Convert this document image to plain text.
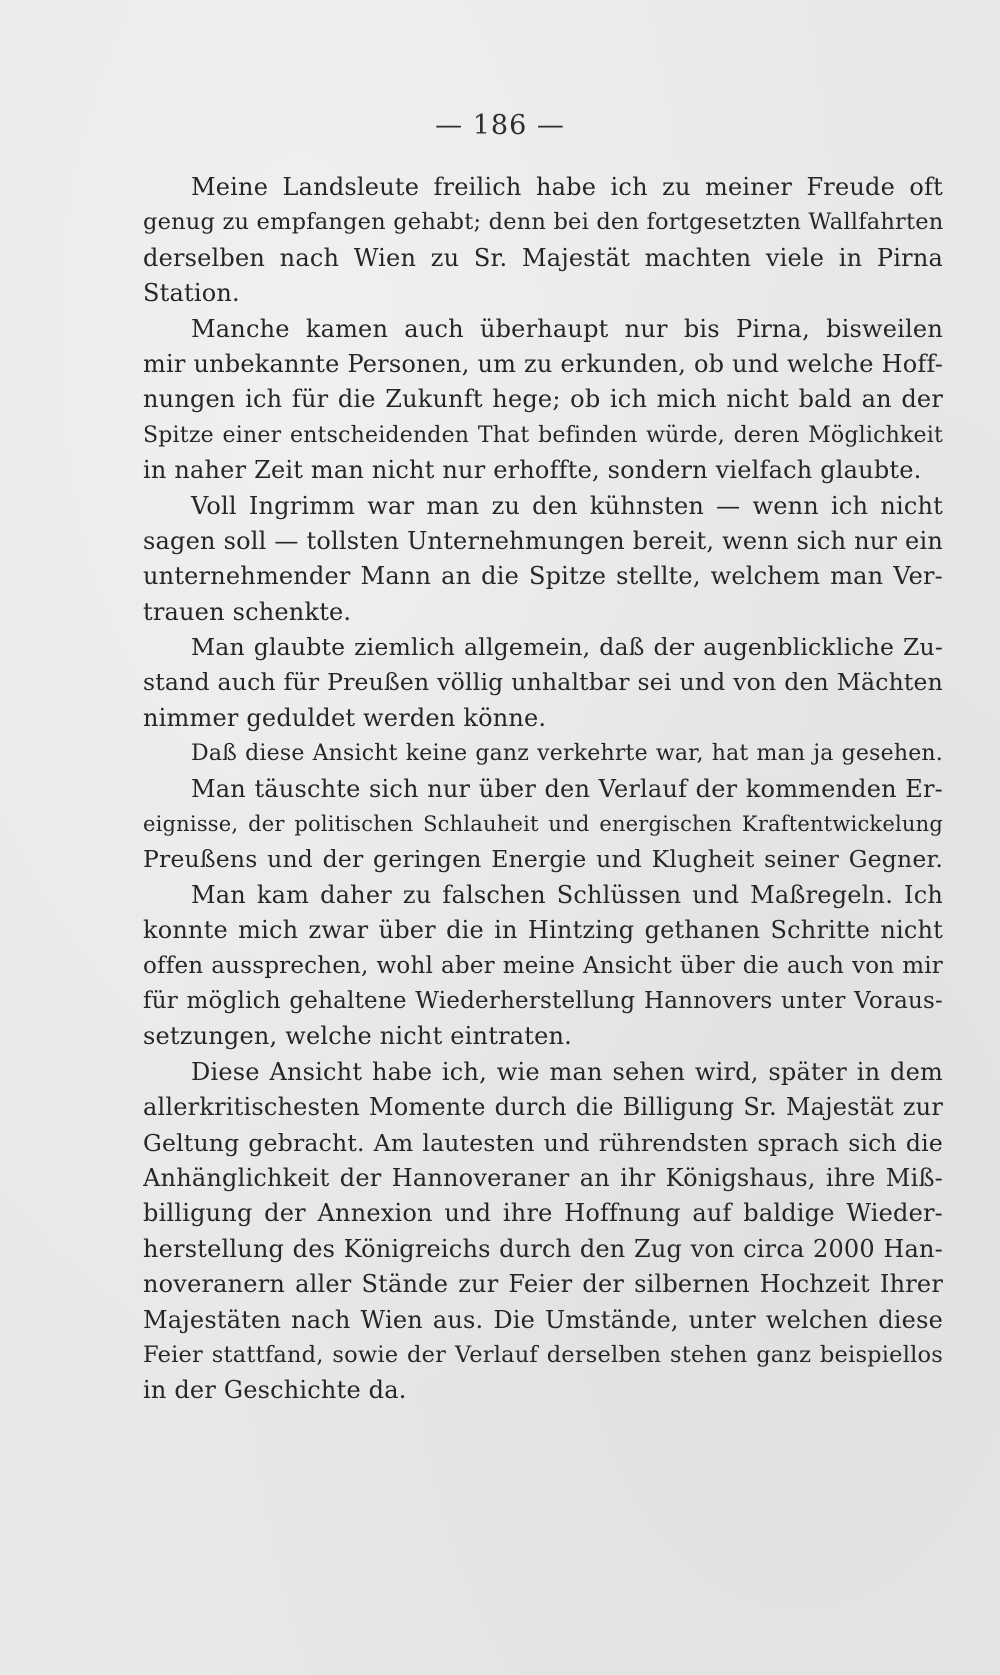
— 186 —
Meine Landsleute freilich habe ich zu meiner Freude oft
genug zu empfangen gehabt; denn bei den fortgesetzten Wallfahrten
derselben nach Wien zu Sr. Majestät machten viele in Pirna
Station.
Manche kamen auch überhaupt nur bis Pirna, bisweilen
mir unbekannte Personen, um zu erkunden, ob und welche Hoff-
nungen ich für die Zukunft hege; ob ich mich nicht bald an der
Spitze einer entscheidenden That befinden würde, deren Möglichkeit
in naher Zeit man nicht nur erhoffte, sondern vielfach glaubte.
Voll Ingrimm war man zu den kühnsten — wenn ich nicht
sagen soll — tollsten Unternehmungen bereit, wenn sich nur ein
unternehmender Mann an die Spitze stellte, welchem man Ver-
trauen schenkte.
Man glaubte ziemlich allgemein, daß der augenblickliche Zu-
stand auch für Preußen völlig unhaltbar sei und von den Mächten
nimmer geduldet werden könne.
Daß diese Ansicht keine ganz verkehrte war, hat man ja gesehen.
Man täuschte sich nur über den Verlauf der kommenden Er-
eignisse, der politischen Schlauheit und energischen Kraftentwickelung
Preußens und der geringen Energie und Klugheit seiner Gegner.
Man kam daher zu falschen Schlüssen und Maßregeln. Ich
konnte mich zwar über die in Hintzing gethanen Schritte nicht
offen aussprechen, wohl aber meine Ansicht über die auch von mir
für möglich gehaltene Wiederherstellung Hannovers unter Voraus-
setzungen, welche nicht eintraten.
Diese Ansicht habe ich, wie man sehen wird, später in dem
allerkritischesten Momente durch die Billigung Sr. Majestät zur
Geltung gebracht. Am lautesten und rührendsten sprach sich die
Anhänglichkeit der Hannoveraner an ihr Königshaus, ihre Miß-
billigung der Annexion und ihre Hoffnung auf baldige Wieder-
herstellung des Königreichs durch den Zug von circa 2000 Han-
noveranern aller Stände zur Feier der silbernen Hochzeit Ihrer
Majestäten nach Wien aus. Die Umstände, unter welchen diese
Feier stattfand, sowie der Verlauf derselben stehen ganz beispiellos
in der Geschichte da.
